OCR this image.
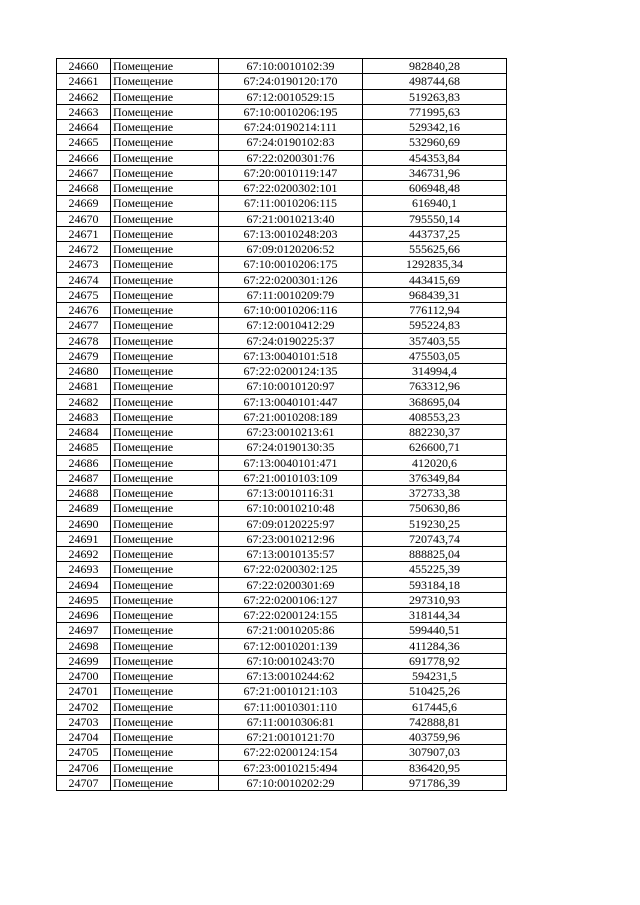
24660	Помещение	67:10:0010102:39	982840,28
24661	Помещение	67:24:0190120:170	498744,68
24662	Помещение	67:12:0010529:15	519263,83
24663	Помещение	67:10:0010206:195	771995,63
24664	Помещение	67:24:0190214:111	529342,16
24665	Помещение	67:24:0190102:83	532960,69
24666	Помещение	67:22:0200301:76	454353,84
24667	Помещение	67:20:0010119:147	346731,96
24668	Помещение	67:22:0200302:101	606948,48
24669	Помещение	67:11:0010206:115	616940,1
24670	Помещение	67:21:0010213:40	795550,14
24671	Помещение	67:13:0010248:203	443737,25
24672	Помещение	67:09:0120206:52	555625,66
24673	Помещение	67:10:0010206:175	1292835,34
24674	Помещение	67:22:0200301:126	443415,69
24675	Помещение	67:11:0010209:79	968439,31
24676	Помещение	67:10:0010206:116	776112,94
24677	Помещение	67:12:0010412:29	595224,83
24678	Помещение	67:24:0190225:37	357403,55
24679	Помещение	67:13:0040101:518	475503,05
24680	Помещение	67:22:0200124:135	314994,4
24681	Помещение	67:10:0010120:97	763312,96
24682	Помещение	67:13:0040101:447	368695,04
24683	Помещение	67:21:0010208:189	408553,23
24684	Помещение	67:23:0010213:61	882230,37
24685	Помещение	67:24:0190130:35	626600,71
24686	Помещение	67:13:0040101:471	412020,6
24687	Помещение	67:21:0010103:109	376349,84
24688	Помещение	67:13:0010116:31	372733,38
24689	Помещение	67:10:0010210:48	750630,86
24690	Помещение	67:09:0120225:97	519230,25
24691	Помещение	67:23:0010212:96	720743,74
24692	Помещение	67:13:0010135:57	888825,04
24693	Помещение	67:22:0200302:125	455225,39
24694	Помещение	67:22:0200301:69	593184,18
24695	Помещение	67:22:0200106:127	297310,93
24696	Помещение	67:22:0200124:155	318144,34
24697	Помещение	67:21:0010205:86	599440,51
24698	Помещение	67:12:0010201:139	411284,36
24699	Помещение	67:10:0010243:70	691778,92
24700	Помещение	67:13:0010244:62	594231,5
24701	Помещение	67:21:0010121:103	510425,26
24702	Помещение	67:11:0010301:110	617445,6
24703	Помещение	67:11:0010306:81	742888,81
24704	Помещение	67:21:0010121:70	403759,96
24705	Помещение	67:22:0200124:154	307907,03
24706	Помещение	67:23:0010215:494	836420,95
24707	Помещение	67:10:0010202:29	971786,39
